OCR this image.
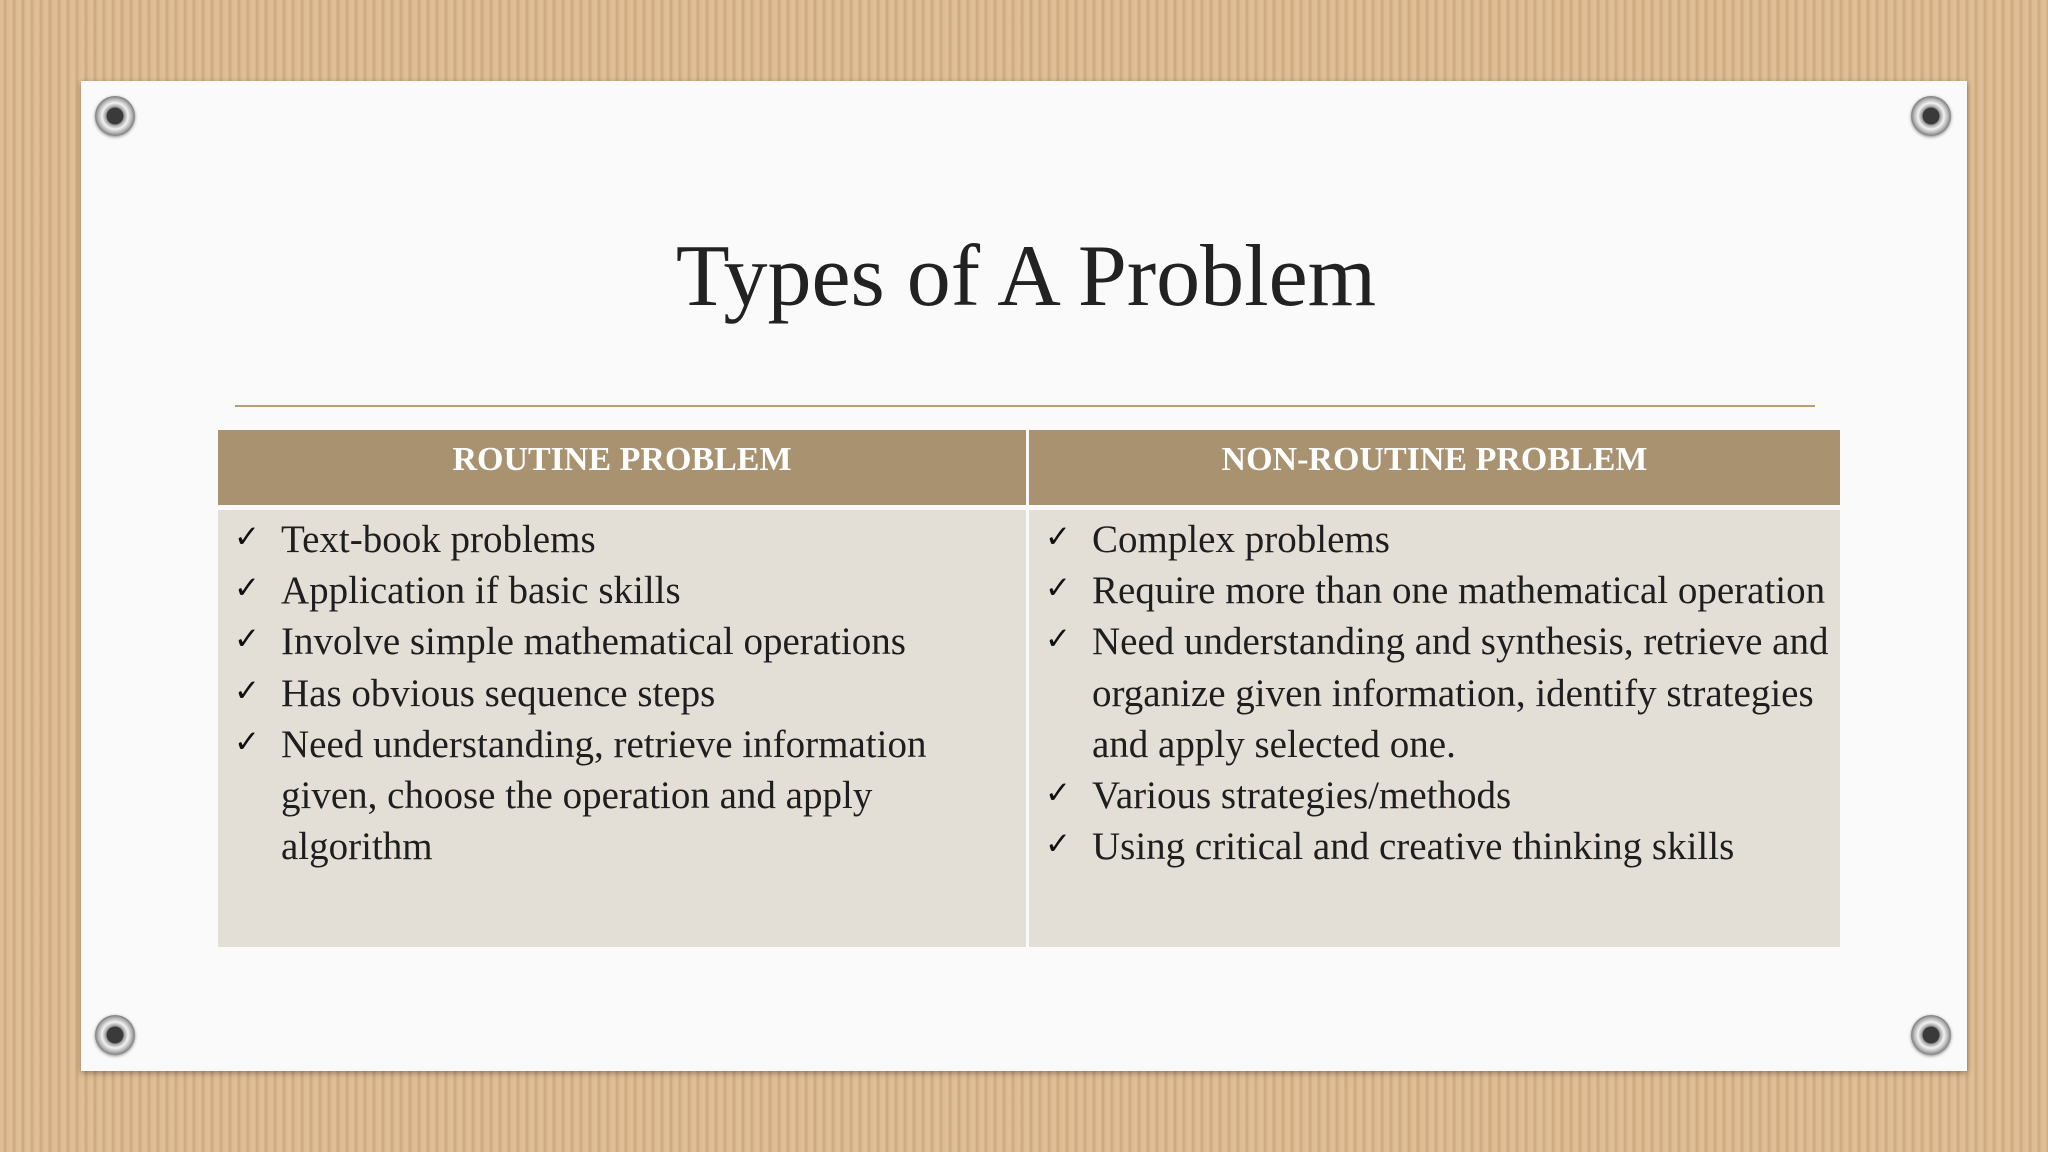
Types of A Problem
ROUTINE PROBLEM	NON-ROUTINE PROBLEM
✓ Text-book problems
✓ Application if basic skills
✓ Involve simple mathematical operations
✓ Has obvious sequence steps
✓ Need understanding, retrieve information given, choose the operation and apply algorithm
✓ Complex problems
✓ Require more than one mathematical operation
✓ Need understanding and synthesis, retrieve and organize given information, identify strategies and apply selected one.
✓ Various strategies/methods
✓ Using critical and creative thinking skills
